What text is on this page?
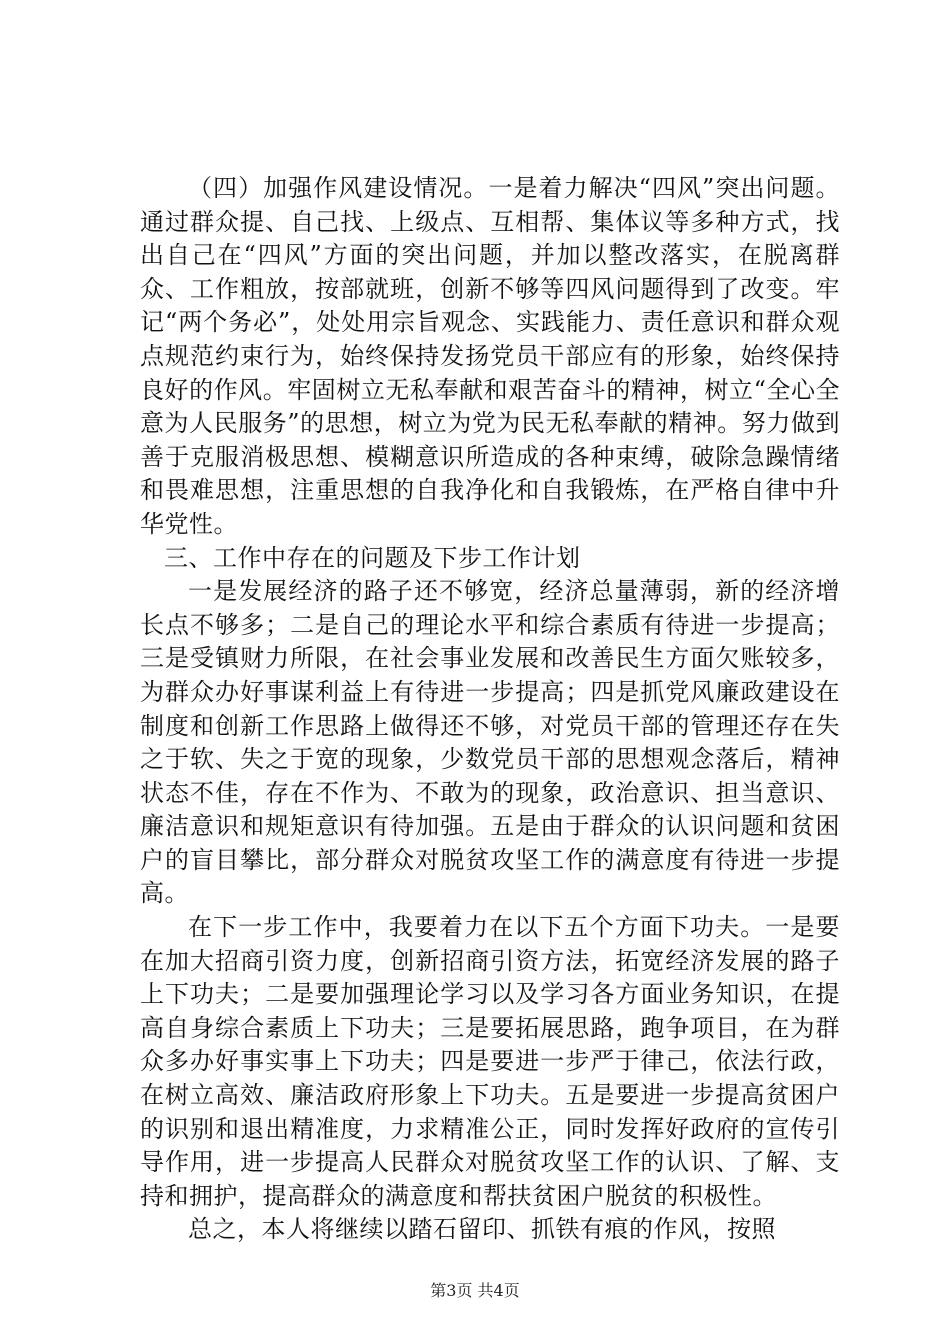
（四）加强作风建设情况。一是着力解决“四风”突出问题。通过群众提、自己找、上级点、互相帮、集体议等多种方式，找出自己在“四风”方面的突出问题，并加以整改落实，在脱离群众、工作粗放，按部就班，创新不够等四风问题得到了改变。牢记“两个务必”，处处用宗旨观念、实践能力、责任意识和群众观点规范约束行为，始终保持发扬党员干部应有的形象，始终保持良好的作风。牢固树立无私奉献和艰苦奋斗的精神，树立“全心全意为人民服务”的思想，树立为党为民无私奉献的精神。努力做到善于克服消极思想、模糊意识所造成的各种束缚，破除急躁情绪和畏难思想，注重思想的自我净化和自我锻炼，在严格自律中升华党性。

三、工作中存在的问题及下步工作计划

一是发展经济的路子还不够宽，经济总量薄弱，新的经济增长点不够多；二是自己的理论水平和综合素质有待进一步提高；三是受镇财力所限，在社会事业发展和改善民生方面欠账较多，为群众办好事谋利益上有待进一步提高；四是抓党风廉政建设在制度和创新工作思路上做得还不够，对党员干部的管理还存在失之于软、失之于宽的现象，少数党员干部的思想观念落后，精神状态不佳，存在不作为、不敢为的现象，政治意识、担当意识、廉洁意识和规矩意识有待加强。五是由于群众的认识问题和贫困户的盲目攀比，部分群众对脱贫攻坚工作的满意度有待进一步提高。

在下一步工作中，我要着力在以下五个方面下功夫。一是要在加大招商引资力度，创新招商引资方法，拓宽经济发展的路子上下功夫；二是要加强理论学习以及学习各方面业务知识，在提高自身综合素质上下功夫；三是要拓展思路，跑争项目，在为群众多办好事实事上下功夫；四是要进一步严于律己，依法行政，在树立高效、廉洁政府形象上下功夫。五是要进一步提高贫困户的识别和退出精准度，力求精准公正，同时发挥好政府的宣传引导作用，进一步提高人民群众对脱贫攻坚工作的认识、了解、支持和拥护，提高群众的满意度和帮扶贫困户脱贫的积极性。

总之，本人将继续以踏石留印、抓铁有痕的作风，按照

第3页 共4页
